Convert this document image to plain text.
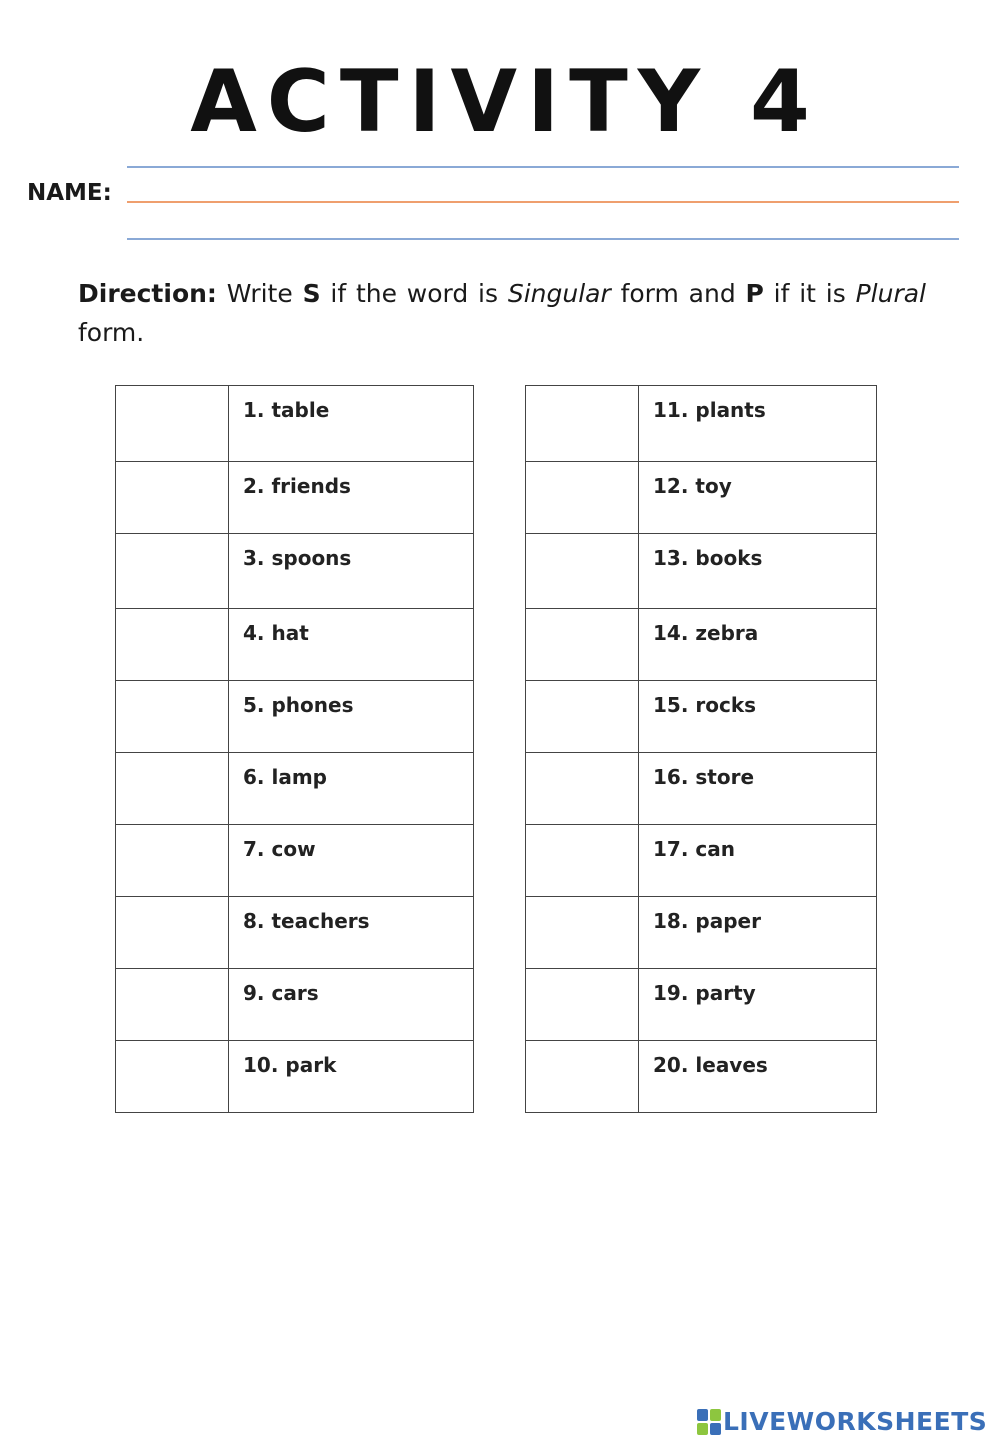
ACTIVITY 4
NAME:
Direction: Write S if the word is Singular form and P if it is Plural form.

	1. table

	2. friends

	3. spoons

	4. hat

	5. phones

	6. lamp

	7. cow

	8. teachers

	9. cars

	10. park

	11. plants

	12. toy

	13. books

	14. zebra

	15. rocks

	16. store

	17. can

	18. paper

	19. party

	20. leaves
LIVEWORKSHEETS
